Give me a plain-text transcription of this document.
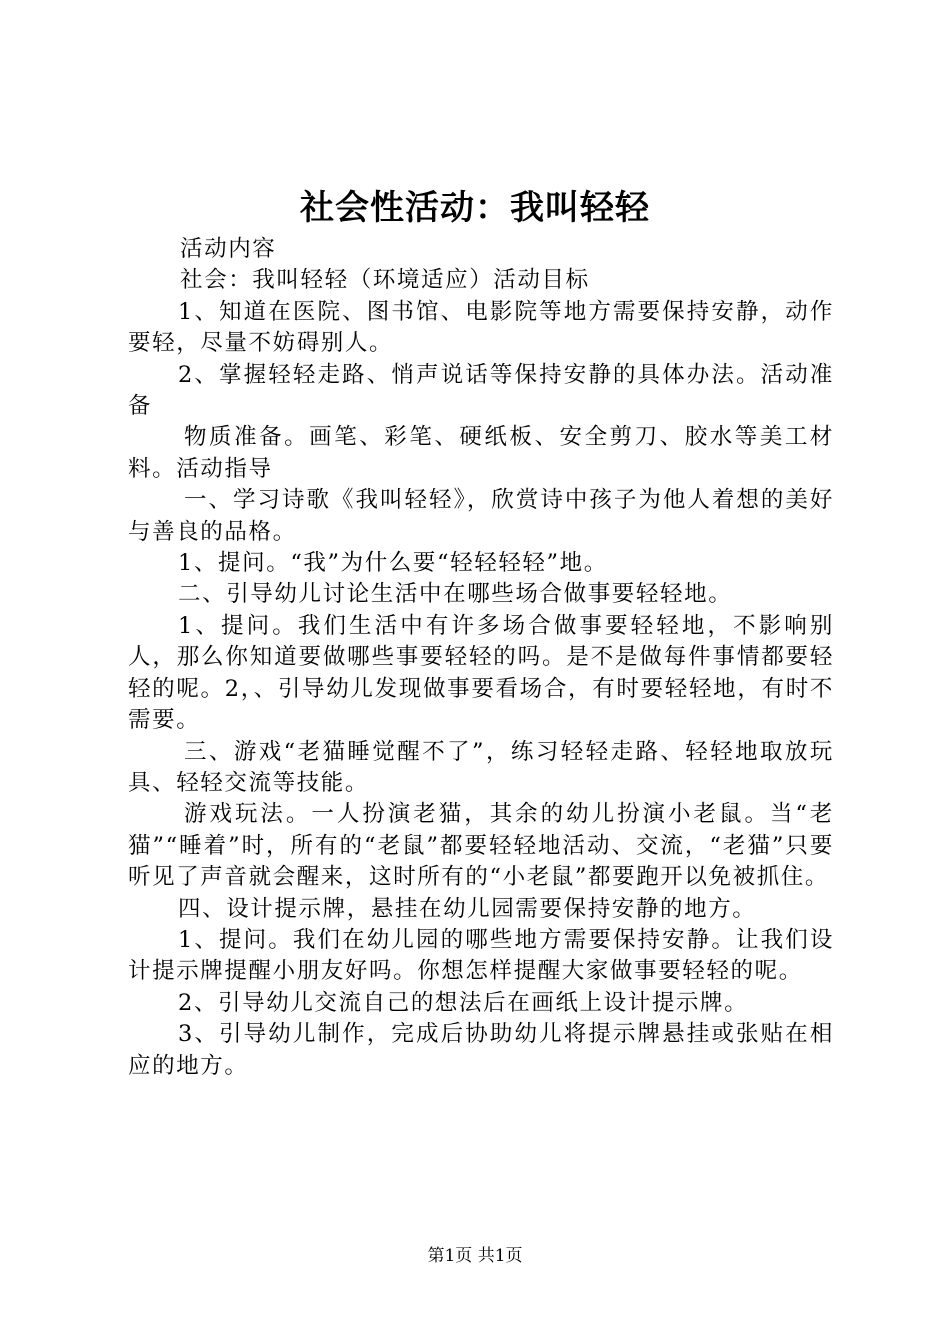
社会性活动：我叫轻轻

活动内容

社会：我叫轻轻（环境适应）活动目标

1、知道在医院、图书馆、电影院等地方需要保持安静，动作要轻，尽量不妨碍别人。

2、掌握轻轻走路、悄声说话等保持安静的具体办法。活动准备

物质准备。画笔、彩笔、硬纸板、安全剪刀、胶水等美工材料。活动指导

一、学习诗歌《我叫轻轻》，欣赏诗中孩子为他人着想的美好与善良的品格。

1、提问。“我”为什么要“轻轻轻轻”地。

二、引导幼儿讨论生活中在哪些场合做事要轻轻地。

1、提问。我们生活中有许多场合做事要轻轻地，不影响别人，那么你知道要做哪些事要轻轻的吗。是不是做每件事情都要轻轻的呢。2，、引导幼儿发现做事要看场合，有时要轻轻地，有时不需要。

三、游戏“老猫睡觉醒不了”，练习轻轻走路、轻轻地取放玩具、轻轻交流等技能。

游戏玩法。一人扮演老猫，其余的幼儿扮演小老鼠。当“老猫”“睡着”时，所有的“老鼠”都要轻轻地活动、交流，“老猫”只要听见了声音就会醒来，这时所有的“小老鼠”都要跑开以免被抓住。

四、设计提示牌，悬挂在幼儿园需要保持安静的地方。

1、提问。我们在幼儿园的哪些地方需要保持安静。让我们设计提示牌提醒小朋友好吗。你想怎样提醒大家做事要轻轻的呢。

2、引导幼儿交流自己的想法后在画纸上设计提示牌。

3、引导幼儿制作，完成后协助幼儿将提示牌悬挂或张贴在相应的地方。

第1页 共1页
